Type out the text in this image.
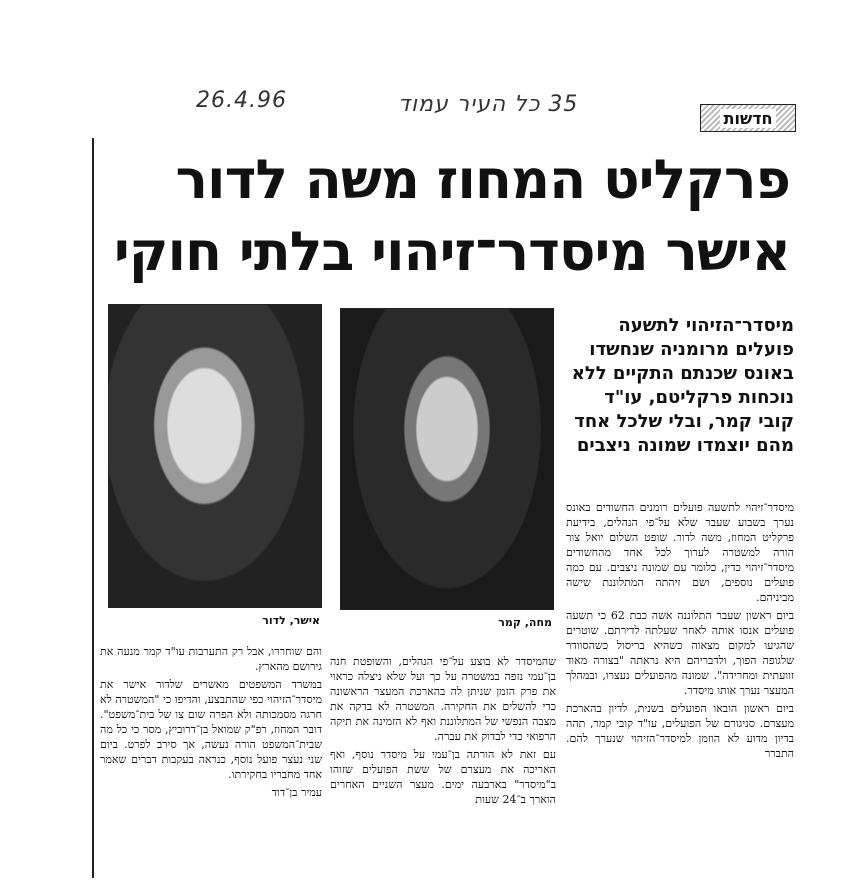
26.4.96	35 כל העיר עמוד
חדשות
פרקליט המחוז משה לדור
אישר מיסדר־זיהוי בלתי חוקי
אישר, לדור	מחה, קמר
מיסדר־הזיהוי לתשעה פועלים מרומניה שנחשדו באונס שכנתם התקיים ללא נוכחות פרקליטם, עו"ד קובי קמר, ובלי שלכל אחד מהם יוצמדו שמונה ניצבים

מיסדר־זיהוי לתשעה פועלים רומנים החשודים באונס נערך בשבוע שעבר שלא על־פי הנהלים, בידיעת פרקליט המחוז, משה לדור. שופט השלום יואל צור הורה למשטרה לערוך לכל אחד מהחשודים מיסדר־זיהוי כדין, כלומר עם שמונה ניצבים. עם כמה פועלים נוספים, ושם זיהתה המתלוננת שישה מביניהם.

ביום ראשון שעבר התלוננה אשה כבת 62 כי תשעה פועלים אנסו אותה לאחר שעלתה לדירתם. שוטרים שהגיעו למקום מצאוה כשהיא בריסול כשהסוודר שלגופה הפוך, ולדבריהם היא נראתה "בצורה מאוד זוועתית ומחרידה". שמונה מהפועלים נעצרו, ובמהלך המעצר נערך אותו מיסדר.

ביום ראשון הובאו הפועלים בשנית, לדיון בהארכת מעצרם. סניגורם של הפועלים, עו"ד קובי קמר, תהה בדיון מדוע לא הוזמן למיסדר־הזיהוי שנערך להם. התברר

שהמיסדר לא בוצע על־פי הנהלים, והשופטת חנה בן־עמי נזפה במשטרה על כך ועל שלא ניצלה כראוי את פרק הזמן שניתן לה בהארכת המעצר הראשונה כדי להשלים את החקירה. המשטרה לא בדקה את מצבה הנפשי של המתלוננת ואף לא הזמינה את תיקה הרפואי כדי לבדוק את עברה.

עם זאת לא הורתה בן־עמי על מיסדר נוסף, ואף האריכה את מעצרם של ששת הפועלים שזוהו ב"מיסדר" בארבעה ימים. מעצר השניים האחרים הוארך ב־24 שעות

והם שוחררו, אבל רק התערבות עו"ד קמר מנעה את גירושם מהארץ.

במשרד המשפטים מאשרים שלדור אישר את מיסדר־הזיהוי כפי שהתבצע, והדיפו כי "המשטרה לא חרגה מסמכותה ולא הפרה שום צו של בית־משפט". דובר המחוז, רפ"ק שמואל בן־דרוביץ, מסר כי כל מה שבית־המשפט הורה נעשה, אך סירב לפרט. ביום שני נעצר פועל נוסף, כנראה בעקבות דברים שאמר אחד מחבריו בחקירתו.

עמיר בן־דוד
